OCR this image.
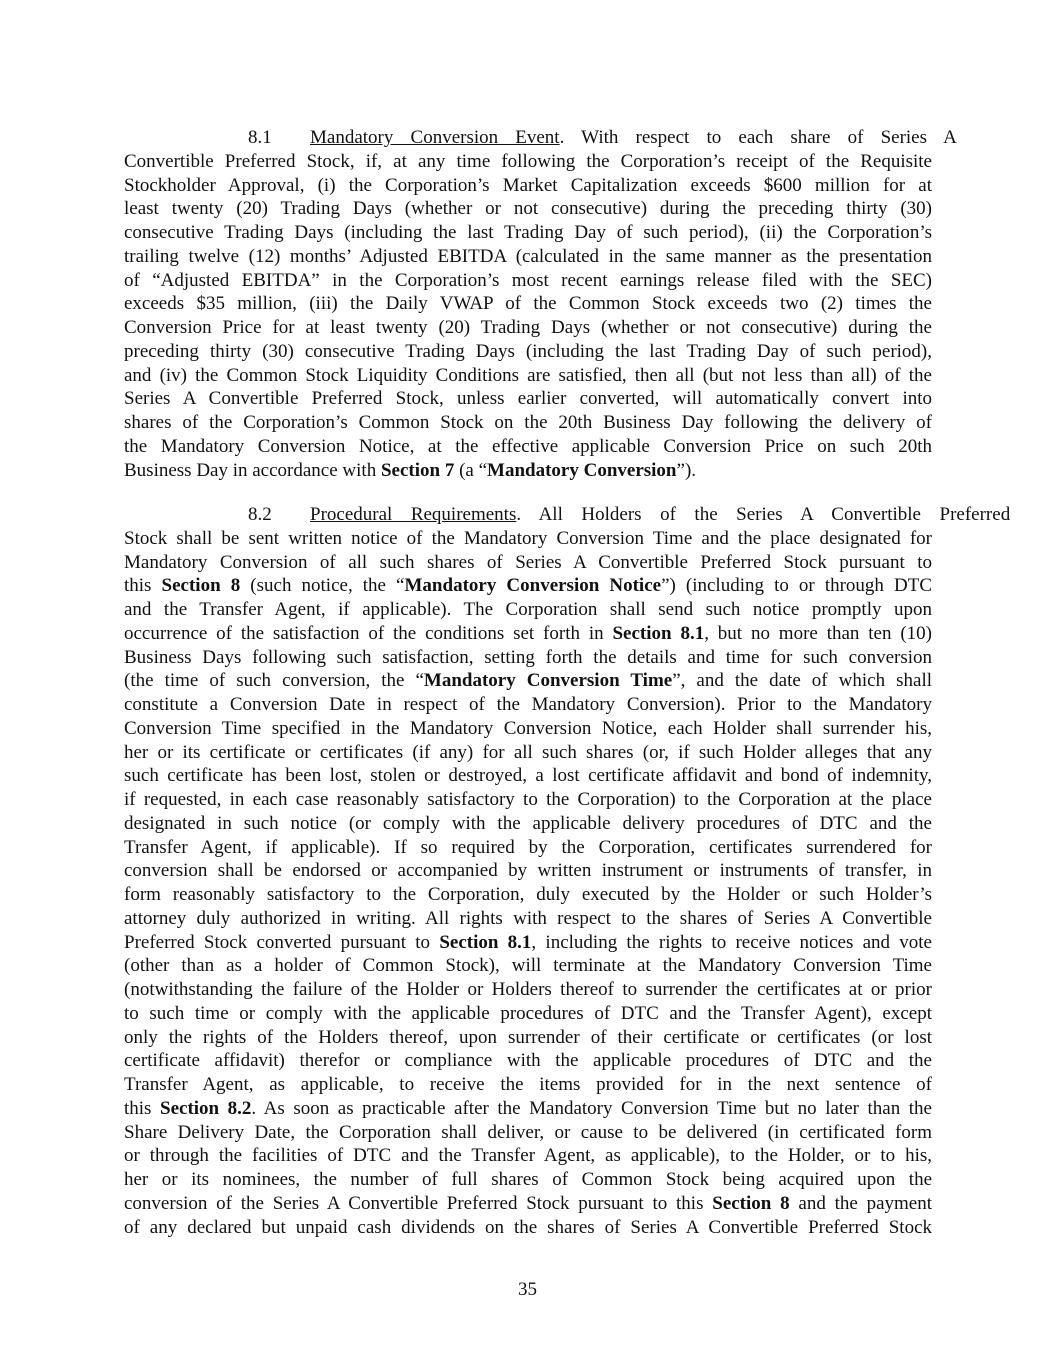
8.1 Mandatory Conversion Event. With respect to each share of Series A
Convertible Preferred Stock, if, at any time following the Corporation’s receipt of the Requisite
Stockholder Approval, (i) the Corporation’s Market Capitalization exceeds $600 million for at
least twenty (20) Trading Days (whether or not consecutive) during the preceding thirty (30)
consecutive Trading Days (including the last Trading Day of such period), (ii) the Corporation’s
trailing twelve (12) months’ Adjusted EBITDA (calculated in the same manner as the presentation
of “Adjusted EBITDA” in the Corporation’s most recent earnings release filed with the SEC)
exceeds $35 million, (iii) the Daily VWAP of the Common Stock exceeds two (2) times the
Conversion Price for at least twenty (20) Trading Days (whether or not consecutive) during the
preceding thirty (30) consecutive Trading Days (including the last Trading Day of such period),
and (iv) the Common Stock Liquidity Conditions are satisfied, then all (but not less than all) of the
Series A Convertible Preferred Stock, unless earlier converted, will automatically convert into
shares of the Corporation’s Common Stock on the 20th Business Day following the delivery of
the Mandatory Conversion Notice, at the effective applicable Conversion Price on such 20th
Business Day in accordance with Section 7 (a “Mandatory Conversion”).
8.2 Procedural Requirements. All Holders of the Series A Convertible Preferred
Stock shall be sent written notice of the Mandatory Conversion Time and the place designated for
Mandatory Conversion of all such shares of Series A Convertible Preferred Stock pursuant to
this Section 8 (such notice, the “Mandatory Conversion Notice”) (including to or through DTC
and the Transfer Agent, if applicable). The Corporation shall send such notice promptly upon
occurrence of the satisfaction of the conditions set forth in Section 8.1, but no more than ten (10)
Business Days following such satisfaction, setting forth the details and time for such conversion
(the time of such conversion, the “Mandatory Conversion Time”, and the date of which shall
constitute a Conversion Date in respect of the Mandatory Conversion). Prior to the Mandatory
Conversion Time specified in the Mandatory Conversion Notice, each Holder shall surrender his,
her or its certificate or certificates (if any) for all such shares (or, if such Holder alleges that any
such certificate has been lost, stolen or destroyed, a lost certificate affidavit and bond of indemnity,
if requested, in each case reasonably satisfactory to the Corporation) to the Corporation at the place
designated in such notice (or comply with the applicable delivery procedures of DTC and the
Transfer Agent, if applicable). If so required by the Corporation, certificates surrendered for
conversion shall be endorsed or accompanied by written instrument or instruments of transfer, in
form reasonably satisfactory to the Corporation, duly executed by the Holder or such Holder’s
attorney duly authorized in writing. All rights with respect to the shares of Series A Convertible
Preferred Stock converted pursuant to Section 8.1, including the rights to receive notices and vote
(other than as a holder of Common Stock), will terminate at the Mandatory Conversion Time
(notwithstanding the failure of the Holder or Holders thereof to surrender the certificates at or prior
to such time or comply with the applicable procedures of DTC and the Transfer Agent), except
only the rights of the Holders thereof, upon surrender of their certificate or certificates (or lost
certificate affidavit) therefor or compliance with the applicable procedures of DTC and the
Transfer Agent, as applicable, to receive the items provided for in the next sentence of
this Section 8.2. As soon as practicable after the Mandatory Conversion Time but no later than the
Share Delivery Date, the Corporation shall deliver, or cause to be delivered (in certificated form
or through the facilities of DTC and the Transfer Agent, as applicable), to the Holder, or to his,
her or its nominees, the number of full shares of Common Stock being acquired upon the
conversion of the Series A Convertible Preferred Stock pursuant to this Section 8 and the payment
of any declared but unpaid cash dividends on the shares of Series A Convertible Preferred Stock
35
